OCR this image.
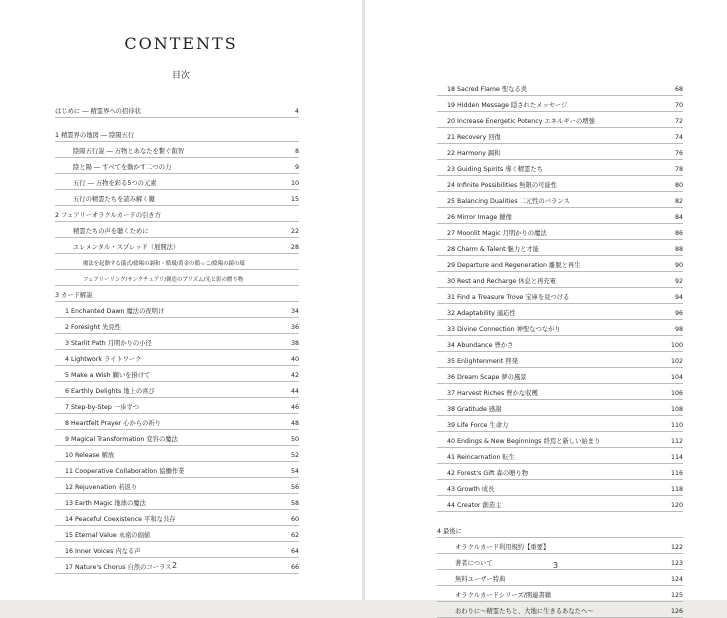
CONTENTS
目次
はじめに ― 精霊界への招待状	4
1 精霊界の地図 ― 陰陽五行
陰陽五行説 ― 万物とあなたを繋ぐ叡智	8
陰と陽 ― すべてを動かす二つの力	9
五行 ― 万物を彩る5つの元素	10
五行の精霊たちを読み解く鍵	15
2 フェアリーオラクルカードの引き方
精霊たちの声を聴くために	22
エレメンタル・スプレッド（展開法）	28
魔法を起動する儀式/陰陽の調和・循環/黄金の循っこ/陰陽の鏡の環
フェアリーリング/サンクチュアリ/創造のプリズム/光と影の贈り物
3 カード解説
1 Enchanted Dawn 魔法の夜明け	34
2 Foresight 先見性	36
3 Starlit Path 月明かりの小径	38
4 Lightwork ライトワーク	40
5 Make a Wish 願いを掛けて	42
6 Earthly Delights 地上の喜び	44
7 Step-by-Step 一歩ずつ	46
8 Heartfelt Prayer 心からの祈り	48
9 Magical Transformation 変容の魔法	50
10 Release 解放	52
11 Cooperative Collaboration 協働作業	54
12 Rejuvenation 若返り	56
13 Earth Magic 地球の魔法	58
14 Peaceful Coexistence 平和な共存	60
15 Eternal Value 永遠の価値	62
16 Inner Voices 内なる声	64
17 Nature's Chorus 自然のコーラス	66
2
18 Sacred Flame 聖なる炎	68
19 Hidden Message 隠されたメッセージ	70
20 Increase Energetic Potency エネルギーの増強	72
21 Recovery 回復	74
22 Harmony 調和	76
23 Guiding Spirits 導く精霊たち	78
24 Infinite Possibilities 無限の可能性	80
25 Balancing Dualities 二元性のバランス	82
26 Mirror Image 鏡像	84
27 Moonlit Magic 月明かりの魔法	86
28 Charm & Talent 魅力と才能	88
29 Departure and Regeneration 離脱と再生	90
30 Rest and Recharge 休息と再充電	92
31 Find a Treasure Trove 宝庫を見つける	94
32 Adaptability 適応性	96
33 Divine Connection 神聖なつながり	98
34 Abundance 豊かさ	100
35 Enlightenment 啓発	102
36 Dream Scape 夢の風景	104
37 Harvest Riches 豊かな収穫	106
38 Gratitude 感謝	108
39 Life Force 生命力	110
40 Endings & New Beginnings 終焉と新しい始まり	112
41 Reincarnation 転生	114
42 Forest's Gift 森の贈り物	116
43 Growth 成長	118
44 Creator 創造主	120
4 最後に
オラクルカード利用規約【重要】	122
著者について	123
無料ユーザー特典	124
オラクルカードシリーズ/関連書籍	125
おわりに～精霊たちと、大地に生きるあなたへ～	126
3
